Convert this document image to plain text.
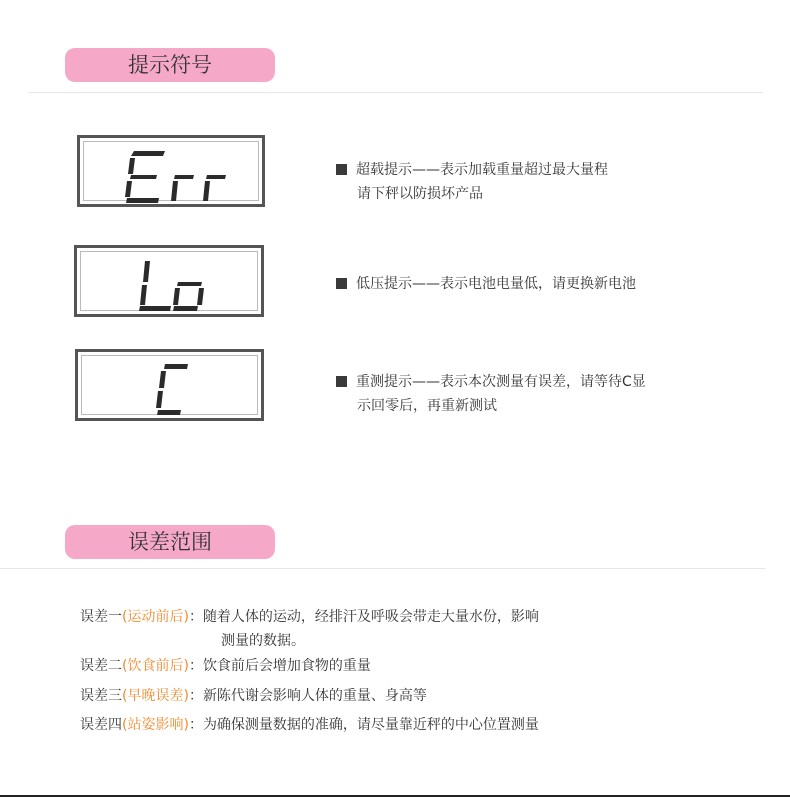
提示符号
超载提示——表示加载重量超过最大量程
请下秤以防损坏产品
低压提示——表示电池电量低，请更换新电池
重测提示——表示本次测量有误差，请等待C显
示回零后，再重新测试
误差范围
误差一(运动前后)：随着人体的运动，经排汗及呼吸会带走大量水份，影响
测量的数据。
误差二(饮食前后)：饮食前后会增加食物的重量
误差三(早晚误差)：新陈代谢会影响人体的重量、身高等
误差四(站姿影响)：为确保测量数据的准确，请尽量靠近秤的中心位置测量
